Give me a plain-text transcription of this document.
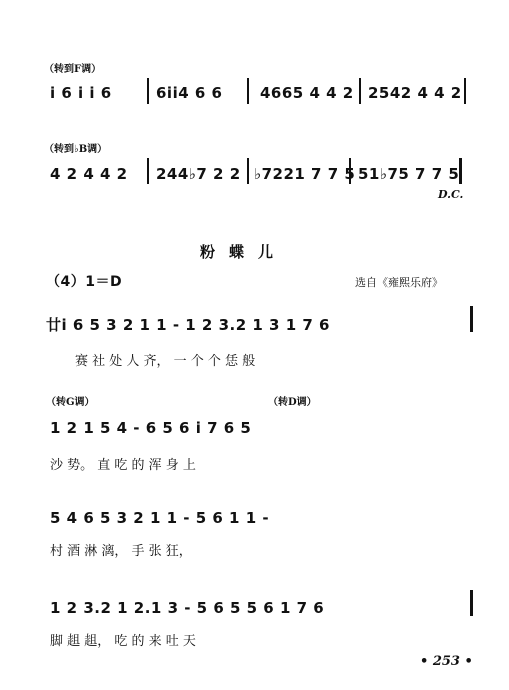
（转到F调）
i 6 i i 6	6ii4 6 6	4665 4 4 2 2542 4 4 2
（转到♭B调）
4 2 4 4 2 244♭7 2 2 ♭7221 7 7 5 51♭75 7 7 5
D.C.
粉蝶儿
（4）1＝D	选自《雍熙乐府》
廿i 6 5 3 2 1 1 - 1 2 3.2 1 3 1 7 6
赛 社 处 人 齐， 一 个 个 恁 般
（转G调）	（转D调）
1 2 1 5 4 - 6 5 6 i 7 6 5
沙 势。 直 吃 的 浑 身 上
5 4 6 5 3 2 1 1 - 5 6 1 1 -
村 酒 淋 漓， 手 张 狂，
1 2 3.2 1 2.1 3 - 5 6 5 5 6 1 7 6
脚 趄 趄， 吃 的 来 吐 天
• 253 •
